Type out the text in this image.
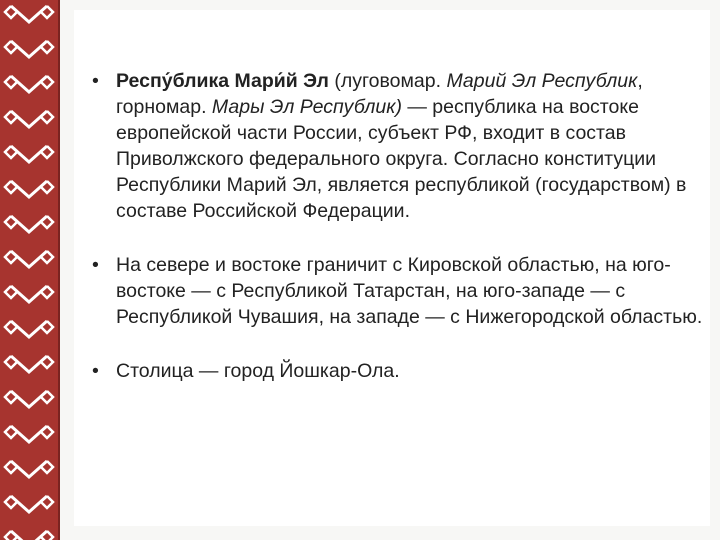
• Респу́блика Мари́й Эл (луговомар. Марий Эл Республик, горномар. Мары Эл Республик) — республика на востоке европейской части России, субъект РФ, входит в состав Приволжского федерального округа. Согласно конституции Республики Марий Эл, является республикой (государством) в составе Российской Федерации.
• На севере и востоке граничит с Кировской областью, на юго-востоке — с Республикой Татарстан, на юго-западе — с Республикой Чувашия, на западе — с Нижегородской областью.
• Столица — город Йошкар-Ола.
